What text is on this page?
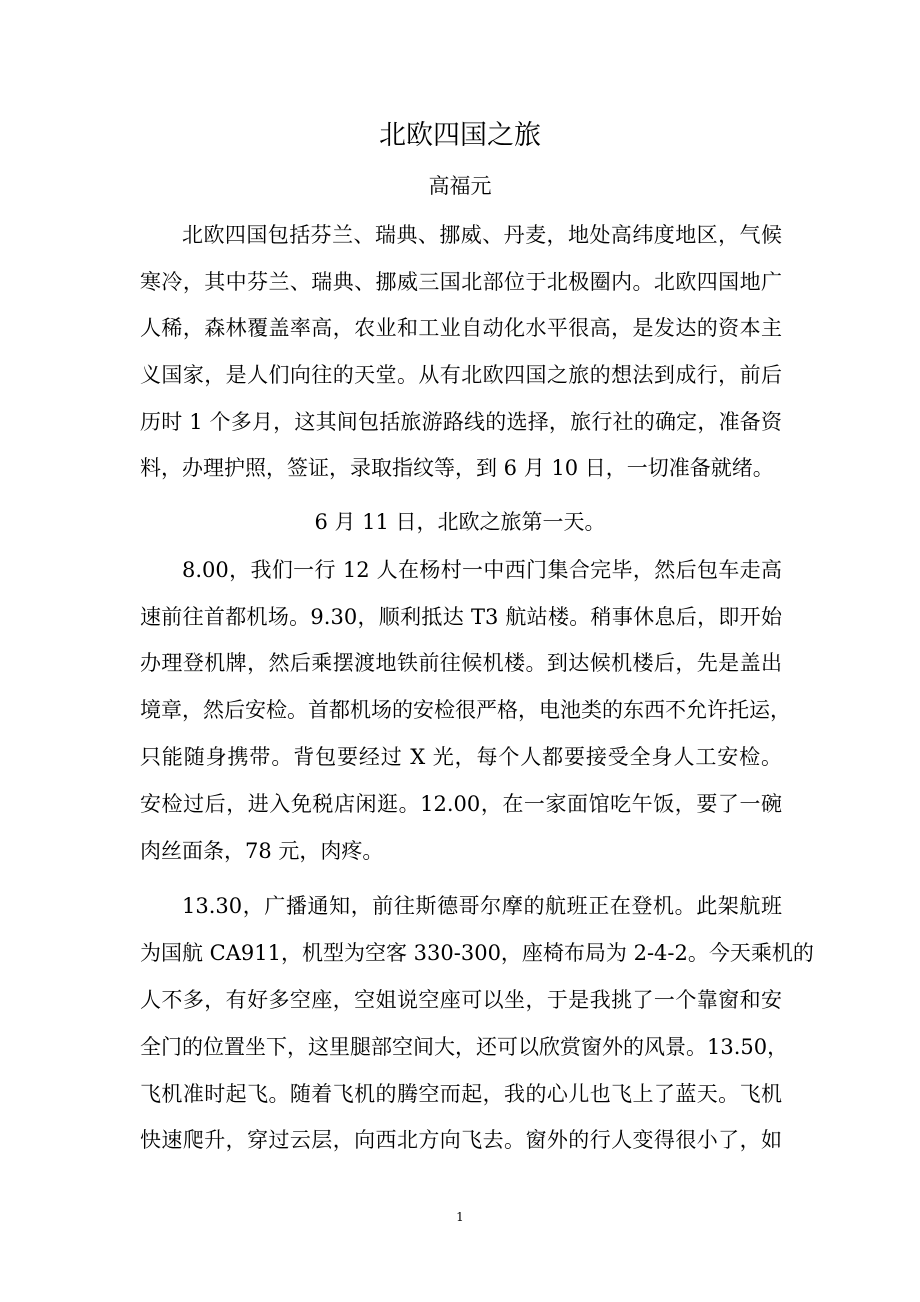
北欧四国之旅
高福元
北欧四国包括芬兰、瑞典、挪威、丹麦，地处高纬度地区，气候
寒冷，其中芬兰、瑞典、挪威三国北部位于北极圈内。北欧四国地广
人稀，森林覆盖率高，农业和工业自动化水平很高，是发达的资本主
义国家，是人们向往的天堂。从有北欧四国之旅的想法到成行，前后
历时 1 个多月，这其间包括旅游路线的选择，旅行社的确定，准备资
料，办理护照，签证，录取指纹等，到 6 月 10 日，一切准备就绪。
6 月 11 日，北欧之旅第一天。
8.00，我们一行 12 人在杨村一中西门集合完毕，然后包车走高
速前往首都机场。9.30，顺利抵达 T3 航站楼。稍事休息后，即开始
办理登机牌，然后乘摆渡地铁前往候机楼。到达候机楼后，先是盖出
境章，然后安检。首都机场的安检很严格，电池类的东西不允许托运，
只能随身携带。背包要经过 X 光，每个人都要接受全身人工安检。
安检过后，进入免税店闲逛。12.00，在一家面馆吃午饭，要了一碗
肉丝面条，78 元，肉疼。
13.30，广播通知，前往斯德哥尔摩的航班正在登机。此架航班
为国航 CA911，机型为空客 330-300，座椅布局为 2-4-2。今天乘机的
人不多，有好多空座，空姐说空座可以坐，于是我挑了一个靠窗和安
全门的位置坐下，这里腿部空间大，还可以欣赏窗外的风景。13.50，
飞机准时起飞。随着飞机的腾空而起，我的心儿也飞上了蓝天。飞机
快速爬升，穿过云层，向西北方向飞去。窗外的行人变得很小了，如
1
